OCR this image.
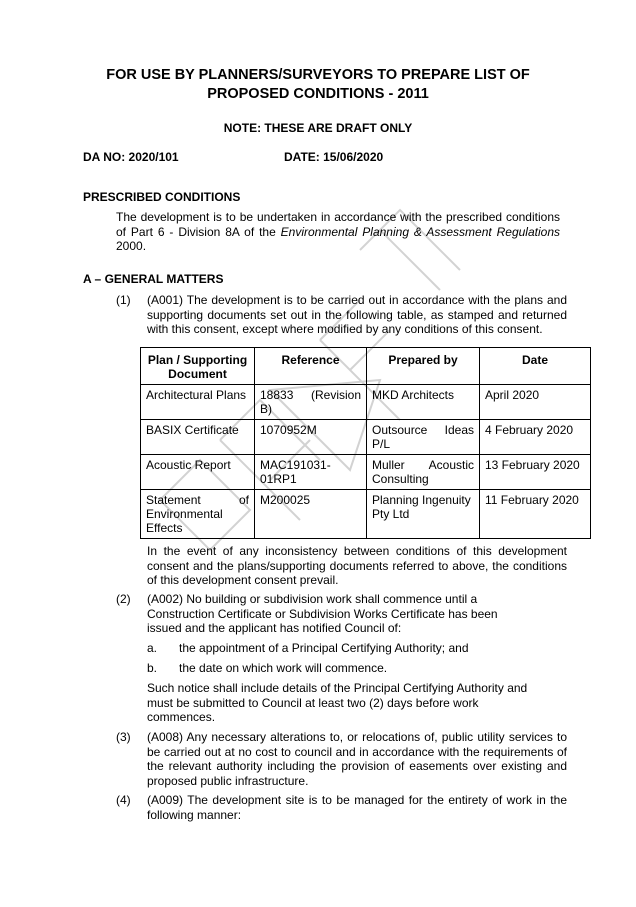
FOR USE BY PLANNERS/SURVEYORS TO PREPARE LIST OF
PROPOSED CONDITIONS - 2011
NOTE: THESE ARE DRAFT ONLY
DA NO: 2020/101	DATE: 15/06/2020
PRESCRIBED CONDITIONS
The development is to be undertaken in accordance with the prescribed conditions of Part 6 - Division 8A of the Environmental Planning & Assessment Regulations 2000.
A – GENERAL MATTERS
(1) (A001) The development is to be carried out in accordance with the plans and supporting documents set out in the following table, as stamped and returned with this consent, except where modified by any conditions of this consent.
Plan / Supporting Document	Reference	Prepared by	Date
Architectural Plans	18833 (Revision B)	MKD Architects	April 2020
BASIX Certificate	1070952M	Outsource Ideas P/L	4 February 2020
Acoustic Report	MAC191031-01RP1	Muller Acoustic Consulting	13 February 2020
Statement of Environmental Effects	M200025	Planning Ingenuity Pty Ltd	11 February 2020
In the event of any inconsistency between conditions of this development consent and the plans/supporting documents referred to above, the conditions of this development consent prevail.
(2) (A002) No building or subdivision work shall commence until a Construction Certificate or Subdivision Works Certificate has been issued and the applicant has notified Council of:
a. the appointment of a Principal Certifying Authority; and
b. the date on which work will commence.
Such notice shall include details of the Principal Certifying Authority and must be submitted to Council at least two (2) days before work commences.
(3) (A008) Any necessary alterations to, or relocations of, public utility services to be carried out at no cost to council and in accordance with the requirements of the relevant authority including the provision of easements over existing and proposed public infrastructure.
(4) (A009) The development site is to be managed for the entirety of work in the following manner:
